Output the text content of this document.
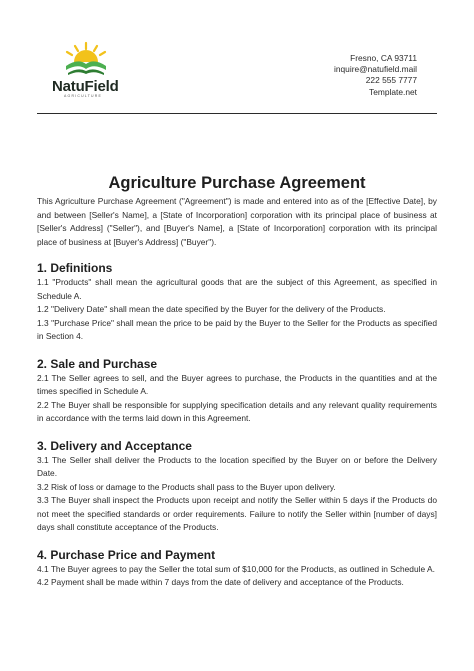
NatuField
AGRICULTURE
Fresno, CA 93711
inquire@natufield.mail
222 555 7777
Template.net
Agriculture Purchase Agreement

This Agriculture Purchase Agreement ("Agreement") is made and entered into as of the [Effective Date], by and between [Seller's Name], a [State of Incorporation] corporation with its principal place of business at [Seller's Address] ("Seller"), and [Buyer's Name], a [State of Incorporation] corporation with its principal place of business at [Buyer's Address] ("Buyer").

1. Definitions

1.1 "Products" shall mean the agricultural goods that are the subject of this Agreement, as specified in Schedule A.

1.2 "Delivery Date" shall mean the date specified by the Buyer for the delivery of the Products.

1.3 "Purchase Price" shall mean the price to be paid by the Buyer to the Seller for the Products as specified in Section 4.

2. Sale and Purchase

2.1 The Seller agrees to sell, and the Buyer agrees to purchase, the Products in the quantities and at the times specified in Schedule A.

2.2 The Buyer shall be responsible for supplying specification details and any relevant quality requirements in accordance with the terms laid down in this Agreement.

3. Delivery and Acceptance

3.1 The Seller shall deliver the Products to the location specified by the Buyer on or before the Delivery Date.

3.2 Risk of loss or damage to the Products shall pass to the Buyer upon delivery.

3.3 The Buyer shall inspect the Products upon receipt and notify the Seller within 5 days if the Products do not meet the specified standards or order requirements. Failure to notify the Seller within [number of days] days shall constitute acceptance of the Products.

4. Purchase Price and Payment

4.1 The Buyer agrees to pay the Seller the total sum of $10,000 for the Products, as outlined in Schedule A.

4.2 Payment shall be made within 7 days from the date of delivery and acceptance of the Products.
